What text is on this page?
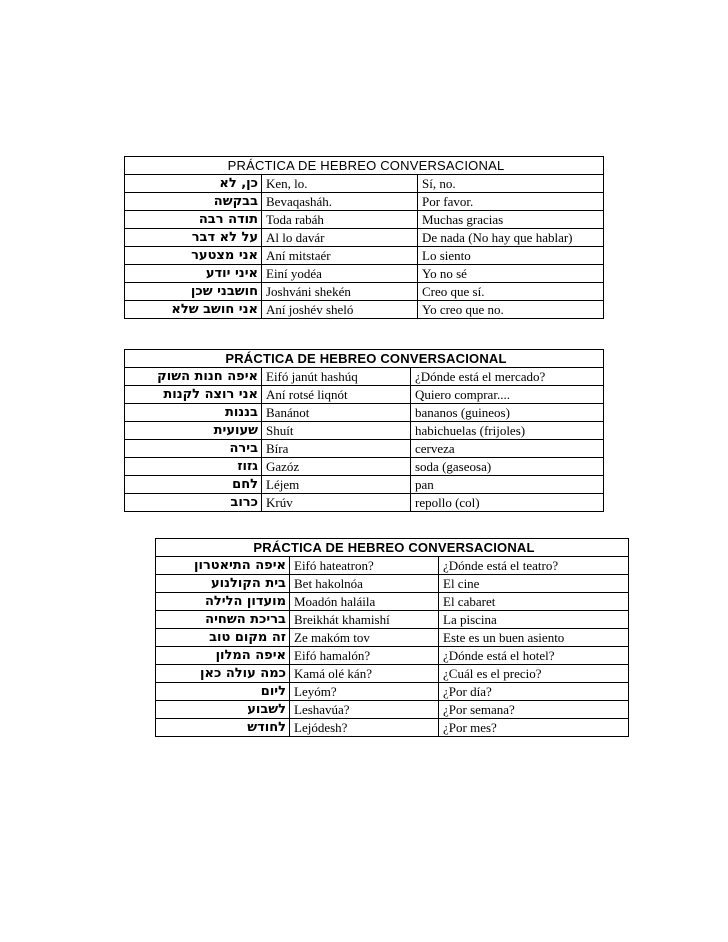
PRÁCTICA DE HEBREO CONVERSACIONAL		
כן, לא	Ken, lo.	Sí, no.
בבקשה	Bevaqasháh.	Por favor.
תודה רבה	Toda rabáh	Muchas gracias
על לא דבר	Al lo davár	De nada (No hay que hablar)
אני מצטער	Aní mitstaér	Lo siento
איני יודע	Einí yodéa	Yo no sé
חושבני שכן	Joshváni shekén	Creo que sí.
אני חושב שלא	Aní joshév sheló	Yo creo que no.
PRÁCTICA DE HEBREO CONVERSACIONAL		
איפה חנות השוק	Eifó janút hashúq	¿Dónde está el mercado?
אני רוצה לקנות	Aní rotsé liqnót	Quiero comprar....
בננות	Banánot	bananos (guineos)
שעועית	Shuít	habichuelas (frijoles)
בירה	Bíra	cerveza
גזוז	Gazóz	soda (gaseosa)
לחם	Léjem	pan
כרוב	Krúv	repollo (col)
PRÁCTICA DE HEBREO CONVERSACIONAL		
איפה התיאטרון	Eifó hateatron?	¿Dónde está el teatro?
בית הקולנוע	Bet hakolnóa	El cine
מועדון הלילה	Moadón haláila	El cabaret
בריכת השחיה	Breikhát khamishí	La piscina
זה מקום טוב	Ze makóm tov	Este es un buen asiento
איפה המלון	Eifó hamalón?	¿Dónde está el hotel?
כמה עולה כאן	Kamá olé kán?	¿Cuál es el precio?
ליום	Leyóm?	¿Por día?
לשבוע	Leshavúa?	¿Por semana?
לחודש	Lejódesh?	¿Por mes?
